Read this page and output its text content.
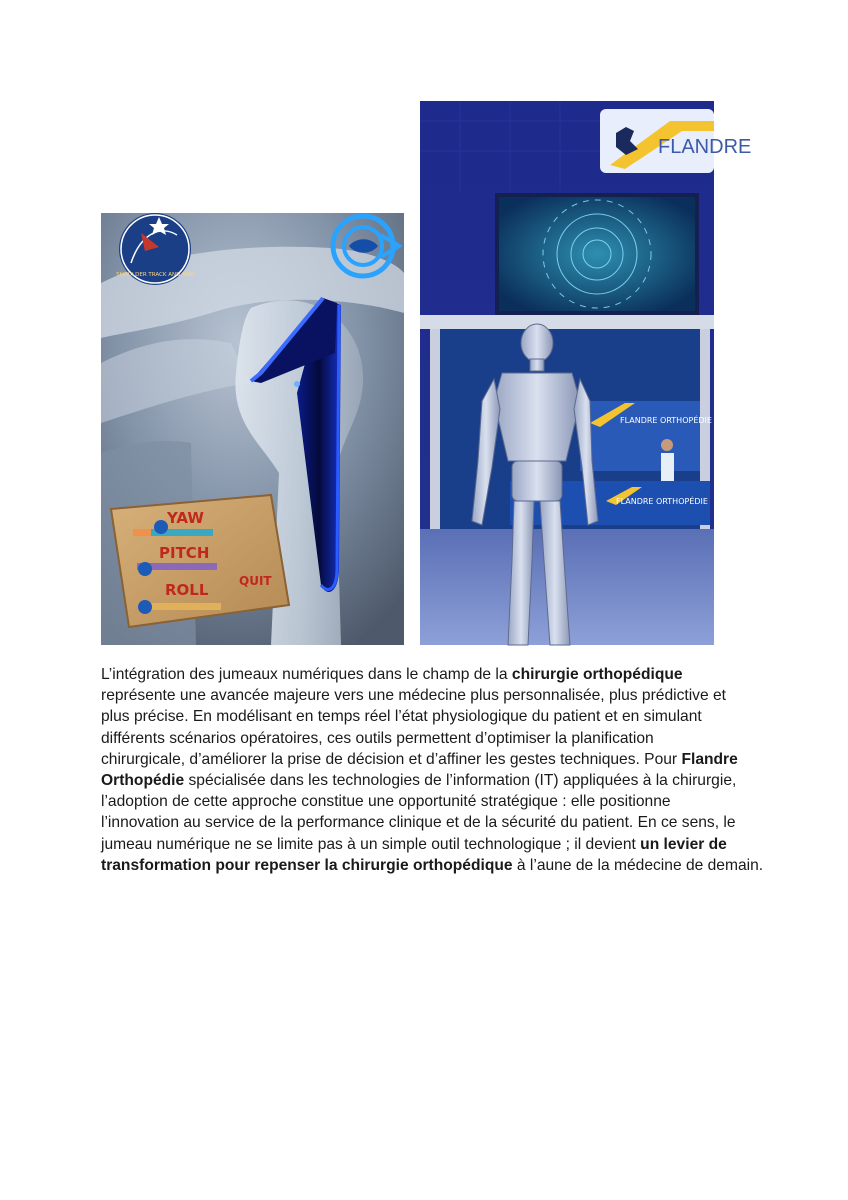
SHOULDER TRACK AND MAP
YAW
PITCH
ROLL	QUIT
FLANDRE
FLANDRE ORTHOPÉDIE
FLANDRE ORTHOPÉDIE
L’intégration des jumeaux numériques dans le champ de la chirurgie orthopédique
représente une avancée majeure vers une médecine plus personnalisée, plus prédictive et
plus précise. En modélisant en temps réel l’état physiologique du patient et en simulant
différents scénarios opératoires, ces outils permettent d’optimiser la planification
chirurgicale, d’améliorer la prise de décision et d’affiner les gestes techniques. Pour Flandre
Orthopédie spécialisée dans les technologies de l’information (IT) appliquées à la chirurgie,
l’adoption de cette approche constitue une opportunité stratégique : elle positionne
l’innovation au service de la performance clinique et de la sécurité du patient. En ce sens, le
jumeau numérique ne se limite pas à un simple outil technologique ; il devient un levier de
transformation pour repenser la chirurgie orthopédique à l’aune de la médecine de demain.
